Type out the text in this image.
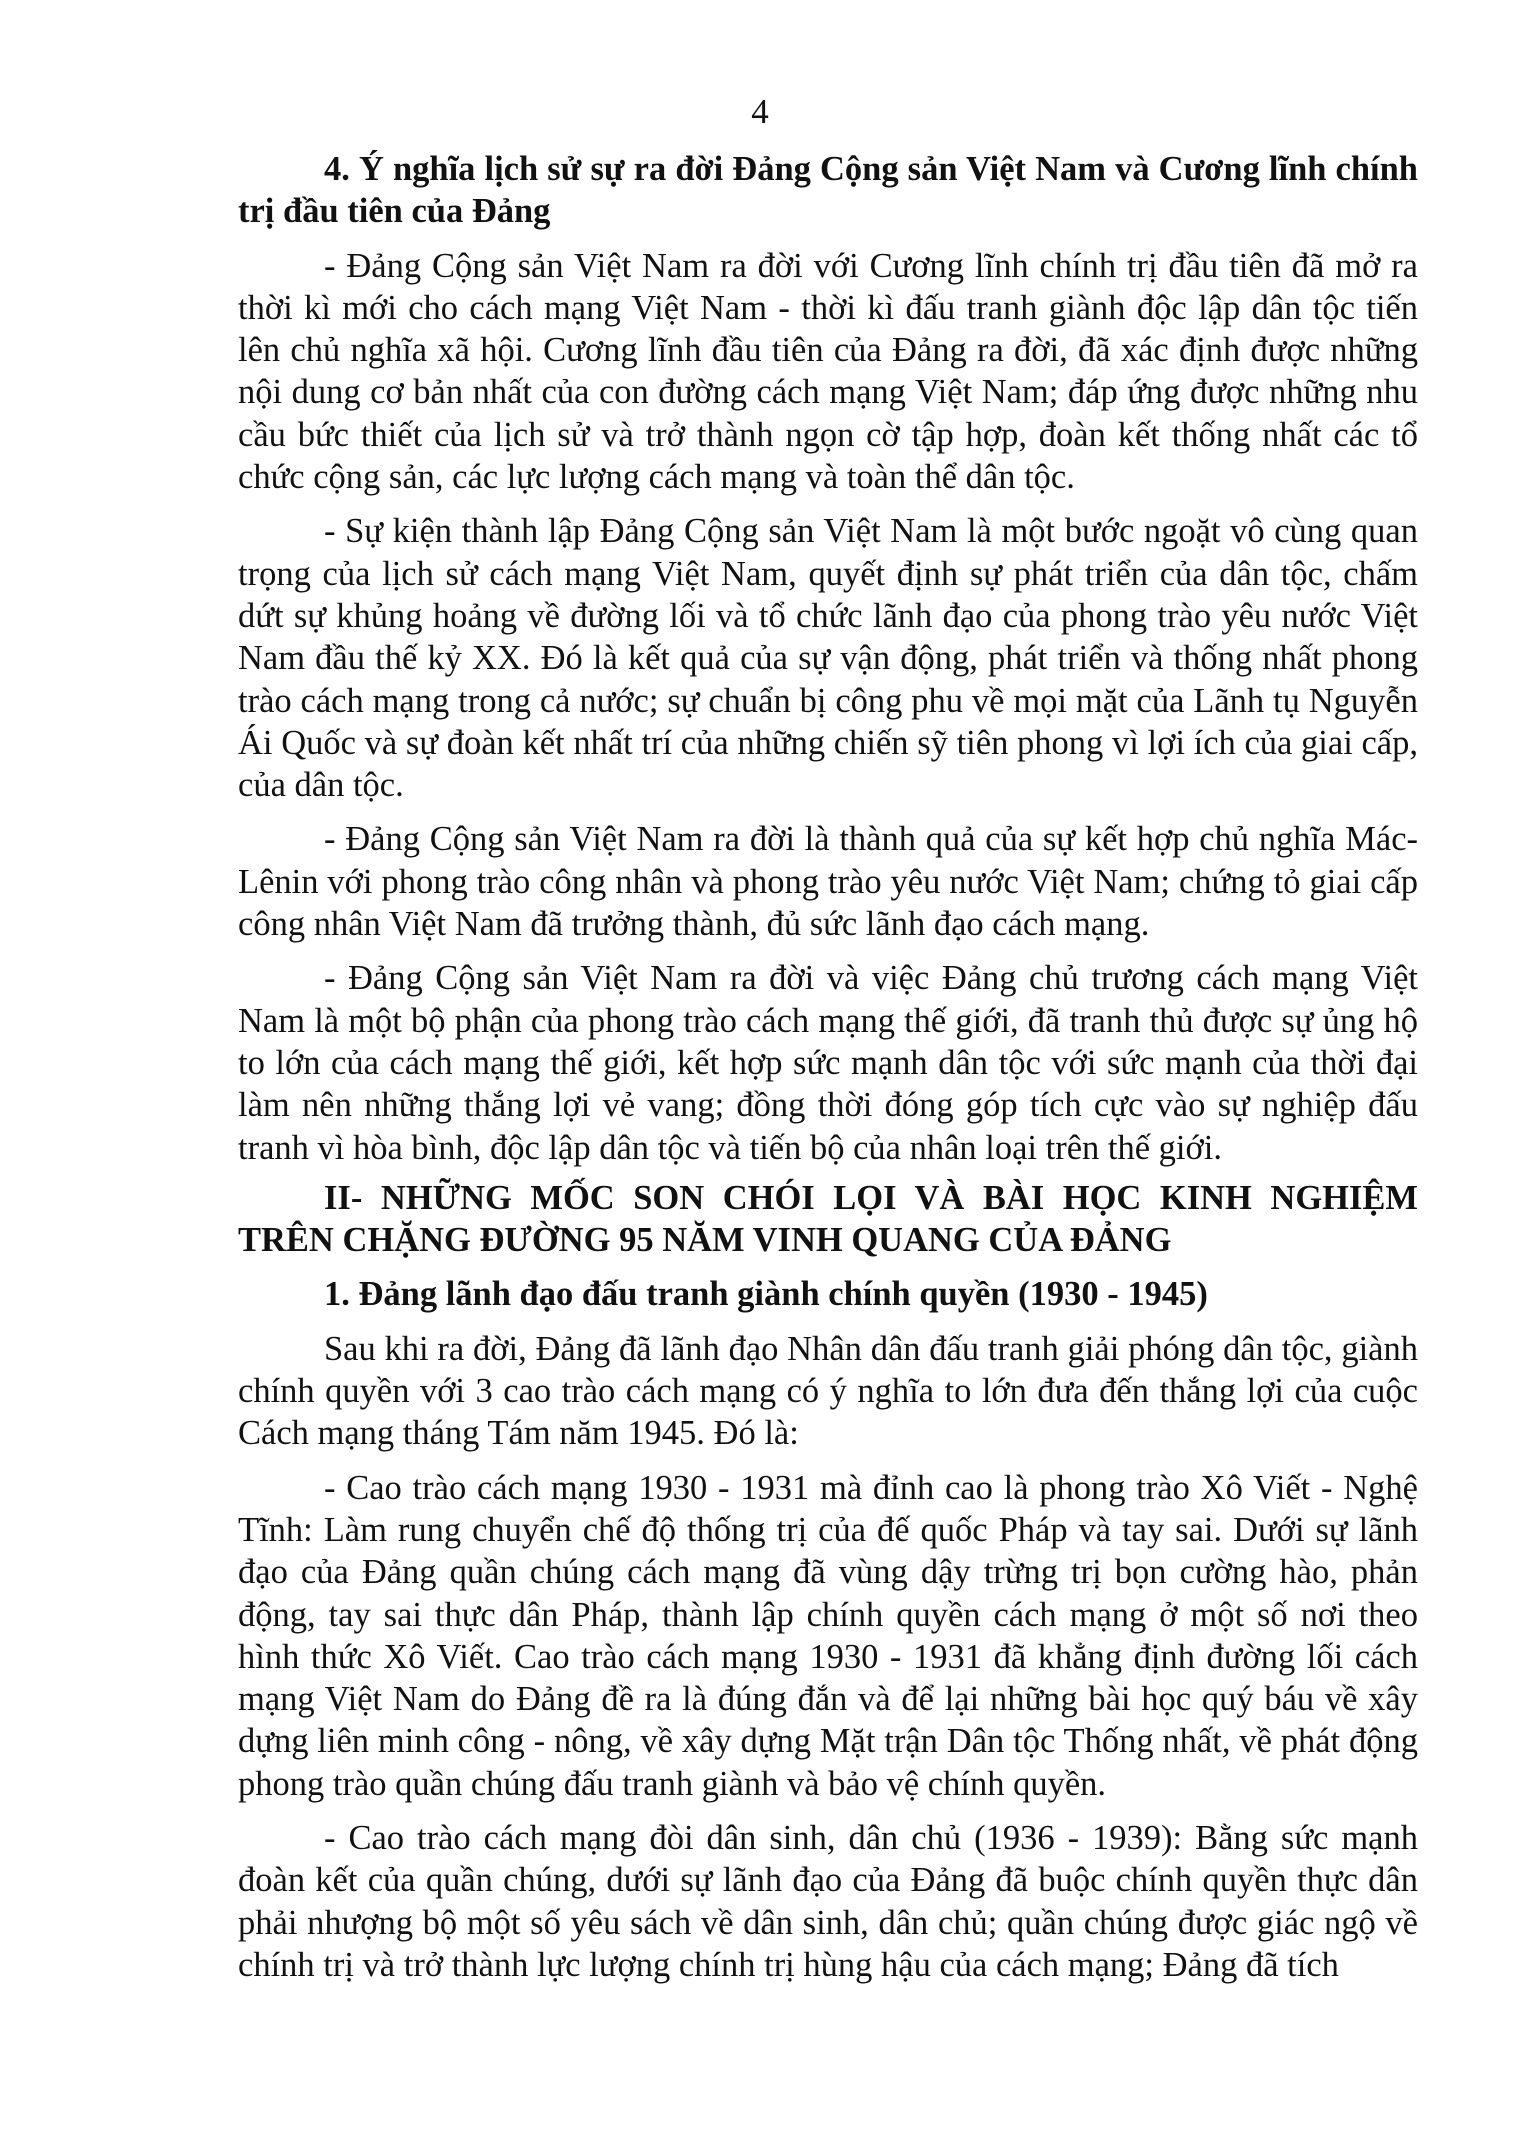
4

4. Ý nghĩa lịch sử sự ra đời Đảng Cộng sản Việt Nam và Cương lĩnh chính trị đầu tiên của Đảng

- Đảng Cộng sản Việt Nam ra đời với Cương lĩnh chính trị đầu tiên đã mở ra thời kì mới cho cách mạng Việt Nam - thời kì đấu tranh giành độc lập dân tộc tiến lên chủ nghĩa xã hội. Cương lĩnh đầu tiên của Đảng ra đời, đã xác định được những nội dung cơ bản nhất của con đường cách mạng Việt Nam; đáp ứng được những nhu cầu bức thiết của lịch sử và trở thành ngọn cờ tập hợp, đoàn kết thống nhất các tổ chức cộng sản, các lực lượng cách mạng và toàn thể dân tộc.

- Sự kiện thành lập Đảng Cộng sản Việt Nam là một bước ngoặt vô cùng quan trọng của lịch sử cách mạng Việt Nam, quyết định sự phát triển của dân tộc, chấm dứt sự khủng hoảng về đường lối và tổ chức lãnh đạo của phong trào yêu nước Việt Nam đầu thế kỷ XX. Đó là kết quả của sự vận động, phát triển và thống nhất phong trào cách mạng trong cả nước; sự chuẩn bị công phu về mọi mặt của Lãnh tụ Nguyễn Ái Quốc và sự đoàn kết nhất trí của những chiến sỹ tiên phong vì lợi ích của giai cấp, của dân tộc.

- Đảng Cộng sản Việt Nam ra đời là thành quả của sự kết hợp chủ nghĩa Mác-Lênin với phong trào công nhân và phong trào yêu nước Việt Nam; chứng tỏ giai cấp công nhân Việt Nam đã trưởng thành, đủ sức lãnh đạo cách mạng.

- Đảng Cộng sản Việt Nam ra đời và việc Đảng chủ trương cách mạng Việt Nam là một bộ phận của phong trào cách mạng thế giới, đã tranh thủ được sự ủng hộ to lớn của cách mạng thế giới, kết hợp sức mạnh dân tộc với sức mạnh của thời đại làm nên những thắng lợi vẻ vang; đồng thời đóng góp tích cực vào sự nghiệp đấu tranh vì hòa bình, độc lập dân tộc và tiến bộ của nhân loại trên thế giới.

II- NHỮNG MỐC SON CHÓI LỌI VÀ BÀI HỌC KINH NGHIỆM TRÊN CHẶNG ĐƯỜNG 95 NĂM VINH QUANG CỦA ĐẢNG

1. Đảng lãnh đạo đấu tranh giành chính quyền (1930 - 1945)

Sau khi ra đời, Đảng đã lãnh đạo Nhân dân đấu tranh giải phóng dân tộc, giành chính quyền với 3 cao trào cách mạng có ý nghĩa to lớn đưa đến thắng lợi của cuộc Cách mạng tháng Tám năm 1945. Đó là:

- Cao trào cách mạng 1930 - 1931 mà đỉnh cao là phong trào Xô Viết - Nghệ Tĩnh: Làm rung chuyển chế độ thống trị của đế quốc Pháp và tay sai. Dưới sự lãnh đạo của Đảng quần chúng cách mạng đã vùng dậy trừng trị bọn cường hào, phản động, tay sai thực dân Pháp, thành lập chính quyền cách mạng ở một số nơi theo hình thức Xô Viết. Cao trào cách mạng 1930 - 1931 đã khẳng định đường lối cách mạng Việt Nam do Đảng đề ra là đúng đắn và để lại những bài học quý báu về xây dựng liên minh công - nông, về xây dựng Mặt trận Dân tộc Thống nhất, về phát động phong trào quần chúng đấu tranh giành và bảo vệ chính quyền.

- Cao trào cách mạng đòi dân sinh, dân chủ (1936 - 1939): Bằng sức mạnh đoàn kết của quần chúng, dưới sự lãnh đạo của Đảng đã buộc chính quyền thực dân phải nhượng bộ một số yêu sách về dân sinh, dân chủ; quần chúng được giác ngộ về chính trị và trở thành lực lượng chính trị hùng hậu của cách mạng; Đảng đã tích
